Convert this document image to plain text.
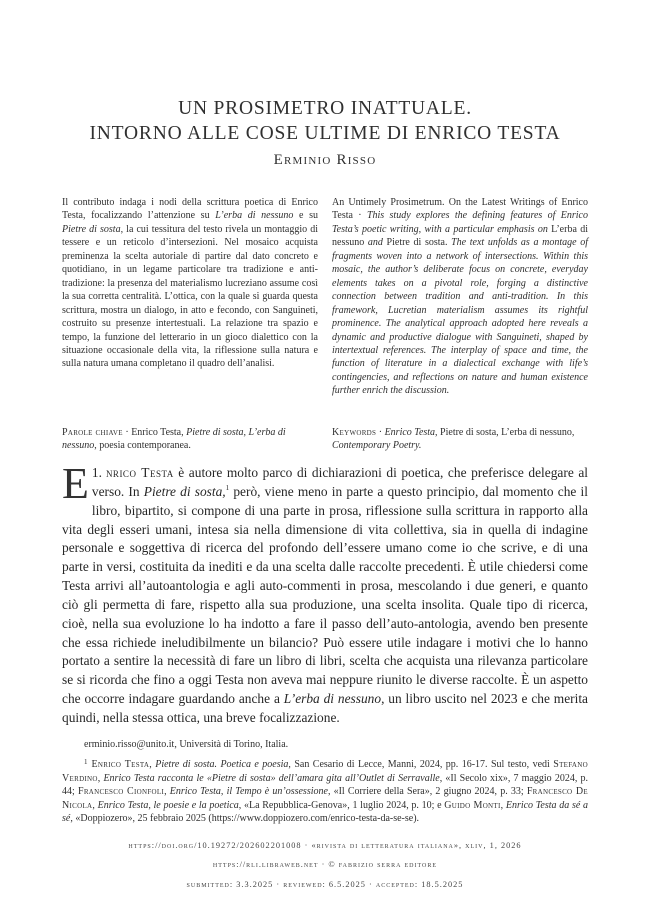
UN PROSIMETRO INATTUALE.
INTORNO ALLE COSE ULTIME DI ENRICO TESTA
Erminio Risso
Il contributo indaga i nodi della scrittura poetica di Enrico Testa, focalizzando l’attenzione su L’erba di nessuno e su Pietre di sosta, la cui tessitura del testo rivela un montaggio di tessere e un reticolo d’intersezioni. Nel mosaico acquista preminenza la scelta autoriale di partire dal dato concreto e quotidiano, in un legame particolare tra tradizione e anti-tradizione: la presenza del materialismo lucreziano assume così la sua corretta centralità. L’ottica, con la quale si guarda questa scrittura, mostra un dialogo, in atto e fecondo, con Sanguineti, costruito su presenze intertestuali. La relazione tra spazio e tempo, la funzione del letterario in un gioco dialettico con la situazione occasionale della vita, la riflessione sulla natura e sulla natura umana completano il quadro dell’analisi.
An Untimely Prosimetrum. On the Latest Writings of Enrico Testa · This study explores the defining features of Enrico Testa’s poetic writing, with a particular emphasis on L’erba di nessuno and Pietre di sosta. The text unfolds as a montage of fragments woven into a network of intersections. Within this mosaic, the author’s deliberate focus on concrete, everyday elements takes on a pivotal role, forging a distinctive connection between tradition and anti-tradition. In this framework, Lucretian materialism assumes its rightful prominence. The analytical approach adopted here reveals a dynamic and productive dialogue with Sanguineti, shaped by intertextual references. The interplay of space and time, the function of literature in a dialectical exchange with life’s contingencies, and reflections on nature and human existence further enrich the discussion.
Parole chiave · Enrico Testa, Pietre di sosta, L’erba di nessuno, poesia contemporanea.
Keywords · Enrico Testa, Pietre di sosta, L’erba di nessuno, Contemporary Poetry.
1.
E nrico Testa è autore molto parco di dichiarazioni di poetica, che preferisce delegare al verso. In Pietre di sosta,$^1$ però, viene meno in parte a questo principio, dal momento che il libro, bipartito, si compone di una parte in prosa, riflessione sulla scrittura in rapporto alla vita degli esseri umani, intesa sia nella dimensione di vita collettiva, sia in quella di indagine personale e soggettiva di ricerca del profondo dell’essere umano come io che scrive, e di una parte in versi, costituita da inediti e da una scelta dalle raccolte precedenti. È utile chiedersi come Testa arrivi all’autoantologia e agli auto-commenti in prosa, mescolando i due generi, e quanto ciò gli permetta di fare, rispetto alla sua produzione, una scelta insolita. Quale tipo di ricerca, cioè, nella sua evoluzione lo ha indotto a fare il passo dell’auto-antologia, avendo ben presente che essa richiede ineludibilmente un bilancio? Può essere utile indagare i motivi che lo hanno portato a sentire la necessità di fare un libro di libri, scelta che acquista una rilevanza particolare se si ricorda che fino a oggi Testa non aveva mai neppure riunito le diverse raccolte. È un aspetto che occorre indagare guardando anche a L’erba di nessuno, un libro uscito nel 2023 e che merita quindi, nella stessa ottica, una breve focalizzazione.
erminio.risso@unito.it, Università di Torino, Italia.
$^1$ Enrico Testa, Pietre di sosta. Poetica e poesia, San Cesario di Lecce, Manni, 2024, pp. 16-17. Sul testo, vedi Stefano Verdino, Enrico Testa racconta le «Pietre di sosta» dell’amara gita all’Outlet di Serravalle, «Il Secolo xix», 7 maggio 2024, p. 44; Francesco Cionfoli, Enrico Testa, il Tempo è un’ossessione, «Il Corriere della Sera», 2 giugno 2024, p. 33; Francesco De Nicola, Enrico Testa, le poesie e la poetica, «La Repubblica-Genova», 1 luglio 2024, p. 10; e Guido Monti, Enrico Testa da sé a sé, «Doppiozero», 25 febbraio 2025 (https://www.doppiozero.com/enrico-testa-da-se-se).
https://doi.org/10.19272/202602201008 · «rivista di letteratura italiana», xliv, 1, 2026
https://rli.libraweb.net · © fabrizio serra editore
submitted: 3.3.2025 · reviewed: 6.5.2025 · accepted: 18.5.2025
